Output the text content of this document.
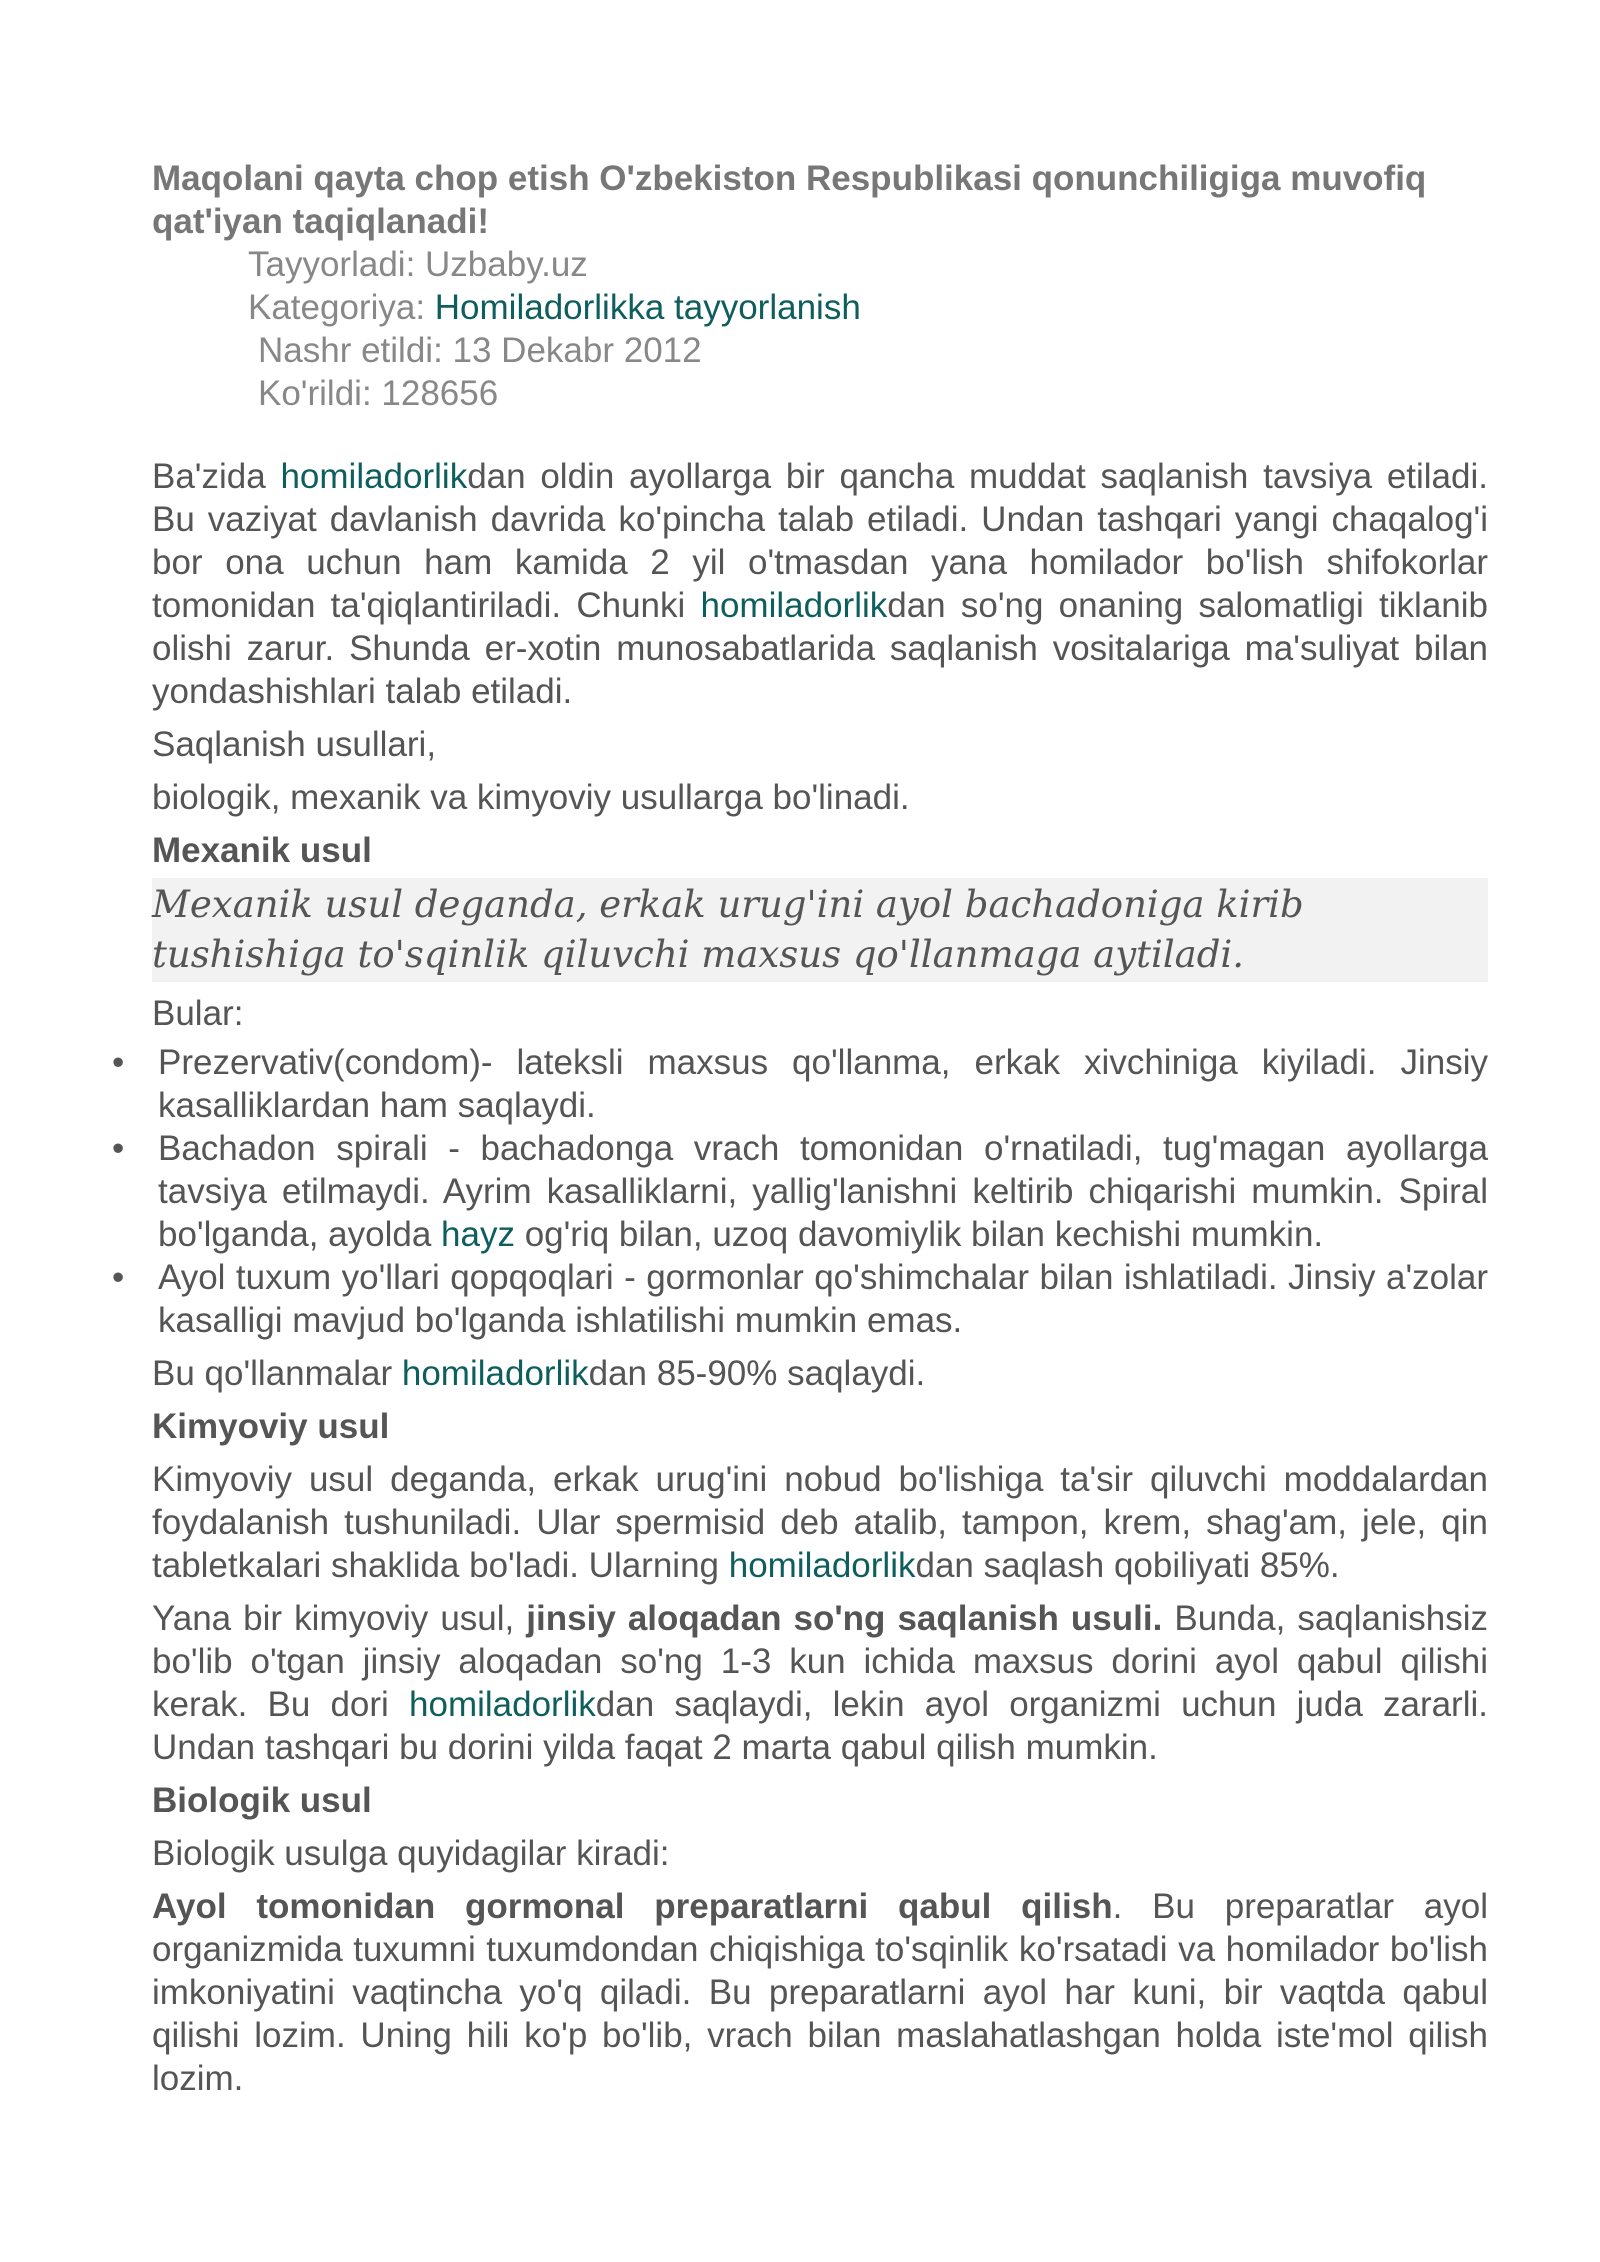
Maqolani qayta chop etish O'zbekiston Respublikasi qonunchiligiga muvofiq qat'iyan taqiqlanadi!

Tayyorladi: Uzbaby.uz

Kategoriya: Homiladorlikka tayyorlanish

Nashr etildi: 13 Dekabr 2012

Ko'rildi: 128656

Ba'zida homiladorlikdan oldin ayollarga bir qancha muddat saqlanish tavsiya etiladi. Bu vaziyat davlanish davrida ko'pincha talab etiladi. Undan tashqari yangi chaqalog'i bor ona uchun ham kamida 2 yil o'tmasdan yana homilador bo'lish shifokorlar tomonidan ta'qiqlantiriladi. Chunki homiladorlikdan so'ng onaning salomatligi tiklanib olishi zarur. Shunda er-xotin munosabatlarida saqlanish vositalariga ma'suliyat bilan yondashishlari talab etiladi.

Saqlanish usullari,

biologik, mexanik va kimyoviy usullarga bo'linadi.

Mexanik usul

Mexanik usul deganda, erkak urug'ini ayol bachadoniga kirib tushishiga to'sqinlik qiluvchi maxsus qo'llanmaga aytiladi.

Bular:

• Prezervativ(condom)- lateksli maxsus qo'llanma, erkak xivchiniga kiyiladi. Jinsiy kasalliklardan ham saqlaydi.
• Bachadon spirali - bachadonga vrach tomonidan o'rnatiladi, tug'magan ayollarga tavsiya etilmaydi. Ayrim kasalliklarni, yallig'lanishni keltirib chiqarishi mumkin. Spiral bo'lganda, ayolda hayz og'riq bilan, uzoq davomiylik bilan kechishi mumkin.
• Ayol tuxum yo'llari qopqoqlari - gormonlar qo'shimchalar bilan ishlatiladi. Jinsiy a'zolar kasalligi mavjud bo'lganda ishlatilishi mumkin emas.

Bu qo'llanmalar homiladorlikdan 85-90% saqlaydi.

Kimyoviy usul

Kimyoviy usul deganda, erkak urug'ini nobud bo'lishiga ta'sir qiluvchi moddalardan foydalanish tushuniladi. Ular spermisid deb atalib, tampon, krem, shag'am, jele, qin tabletkalari shaklida bo'ladi. Ularning homiladorlikdan saqlash qobiliyati 85%.

Yana bir kimyoviy usul, jinsiy aloqadan so'ng saqlanish usuli. Bunda, saqlanishsiz bo'lib o'tgan jinsiy aloqadan so'ng 1-3 kun ichida maxsus dorini ayol qabul qilishi kerak. Bu dori homiladorlikdan saqlaydi, lekin ayol organizmi uchun juda zararli. Undan tashqari bu dorini yilda faqat 2 marta qabul qilish mumkin.

Biologik usul

Biologik usulga quyidagilar kiradi:

Ayol tomonidan gormonal preparatlarni qabul qilish. Bu preparatlar ayol organizmida tuxumni tuxumdondan chiqishiga to'sqinlik ko'rsatadi va homilador bo'lish imkoniyatini vaqtincha yo'q qiladi. Bu preparatlarni ayol har kuni, bir vaqtda qabul qilishi lozim. Uning hili ko'p bo'lib, vrach bilan maslahatlashgan holda iste'mol qilish lozim.
